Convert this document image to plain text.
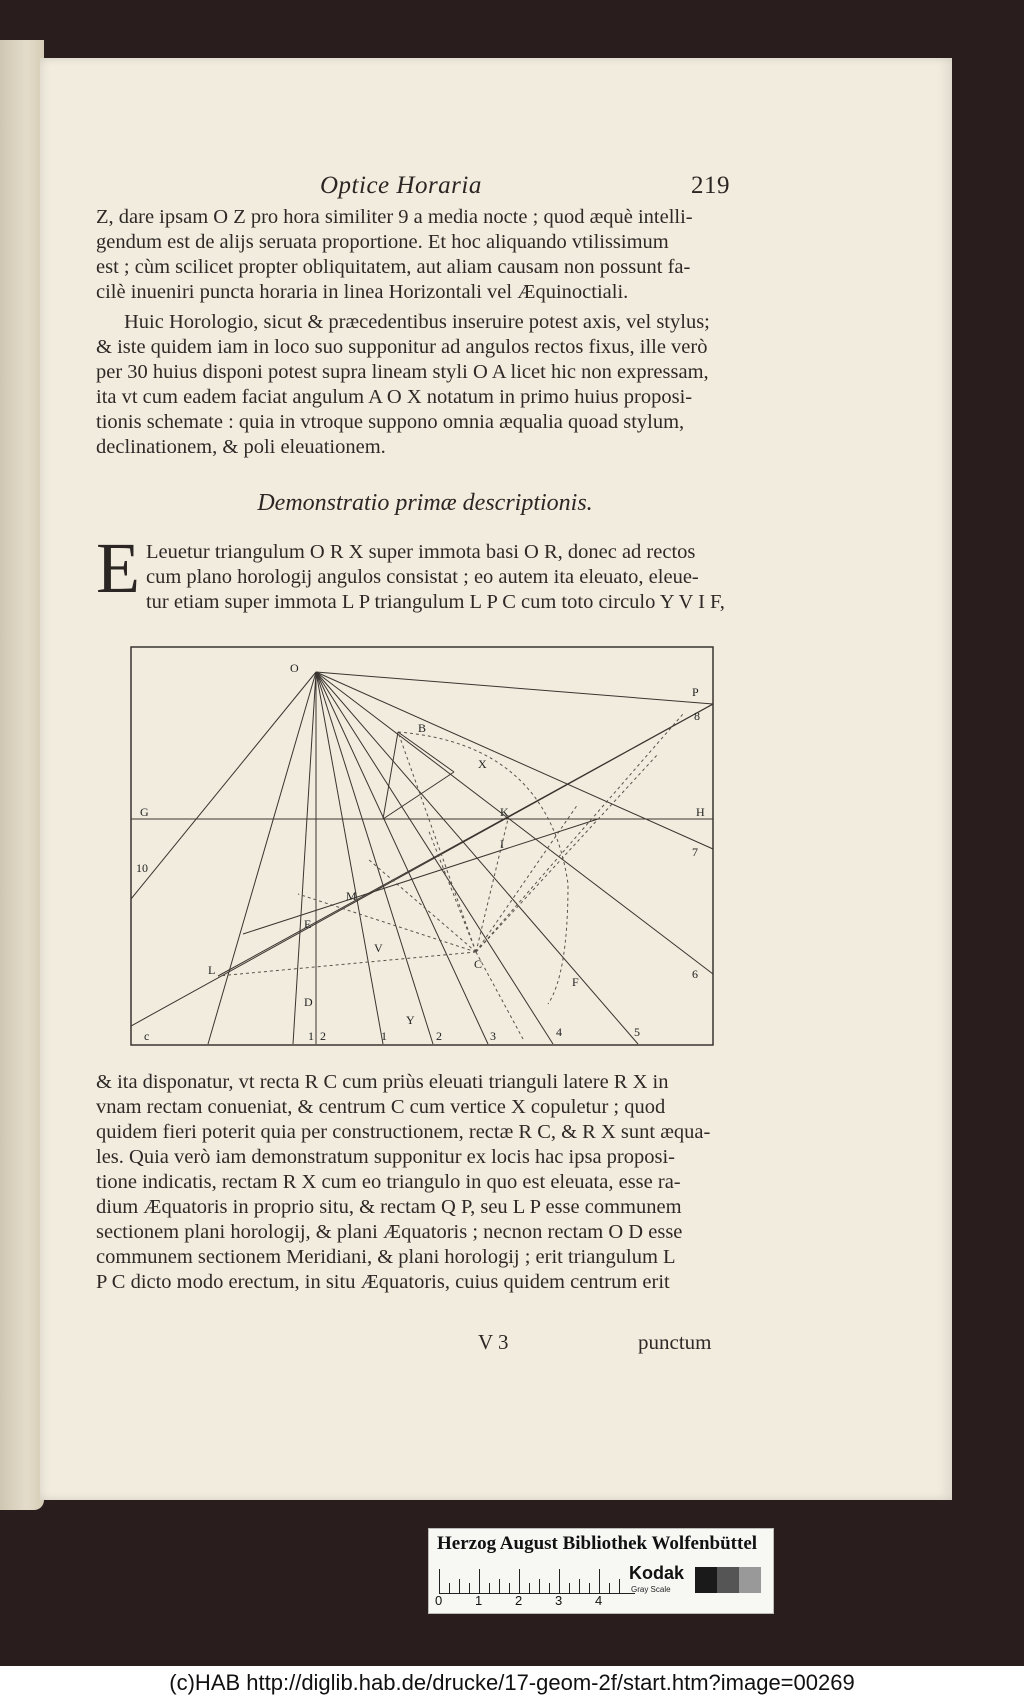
Optice Horaria	219

Z, dare ipsam O Z pro hora similiter 9 a media nocte ; quod æquè intelli-

gendum est de alijs seruata proportione. Et hoc aliquando vtilissimum

est ; cùm scilicet propter obliquitatem, aut aliam causam non possunt fa-

cilè inueniri puncta horaria in linea Horizontali vel Æquinoctiali.

Huic Horologio, sicut & præcedentibus inseruire potest axis, vel stylus;

& iste quidem iam in loco suo supponitur ad angulos rectos fixus, ille verò

per 30 huius disponi potest supra lineam styli O A licet hic non expressam,

ita vt cum eadem faciat angulum A O X notatum in primo huius proposi-

tionis schemate : quia in vtroque suppono omnia æqualia quoad stylum,

declinationem, & poli eleuationem.

Demonstratio primæ descriptionis.
E Leuetur triangulum O R X super immota basi O R, donec ad rectos

cum plano horologij angulos consistat ; eo autem ita eleuato, eleue-

tur etiam super immota L P triangulum L P C cum toto circulo Y V I F,

O
P
8
G	H
K
X
B
I
7
10
M
E
V
L	C
F
6
D
Y
c	1 2	1	2	3	4	5

& ita disponatur, vt recta R C cum priùs eleuati trianguli latere R X in

vnam rectam conueniat, & centrum C cum vertice X copuletur ; quod

quidem fieri poterit quia per constructionem, rectæ R C, & R X sunt æqua-

les. Quia verò iam demonstratum supponitur ex locis hac ipsa proposi-

tione indicatis, rectam R X cum eo triangulo in quo est eleuata, esse ra-

dium Æquatoris in proprio situ, & rectam Q P, seu L P esse communem

sectionem plani horologij, & plani Æquatoris ; necnon rectam O D esse

communem sectionem Meridiani, & plani horologij ; erit triangulum L

P C dicto modo erectum, in situ Æquatoris, cuius quidem centrum erit

V 3	punctum
Herzog August Bibliothek Wolfenbüttel
0	1	2	3	4
Kodak
Gray Scale
(c)HAB http://diglib.hab.de/drucke/17-geom-2f/start.htm?image=00269
